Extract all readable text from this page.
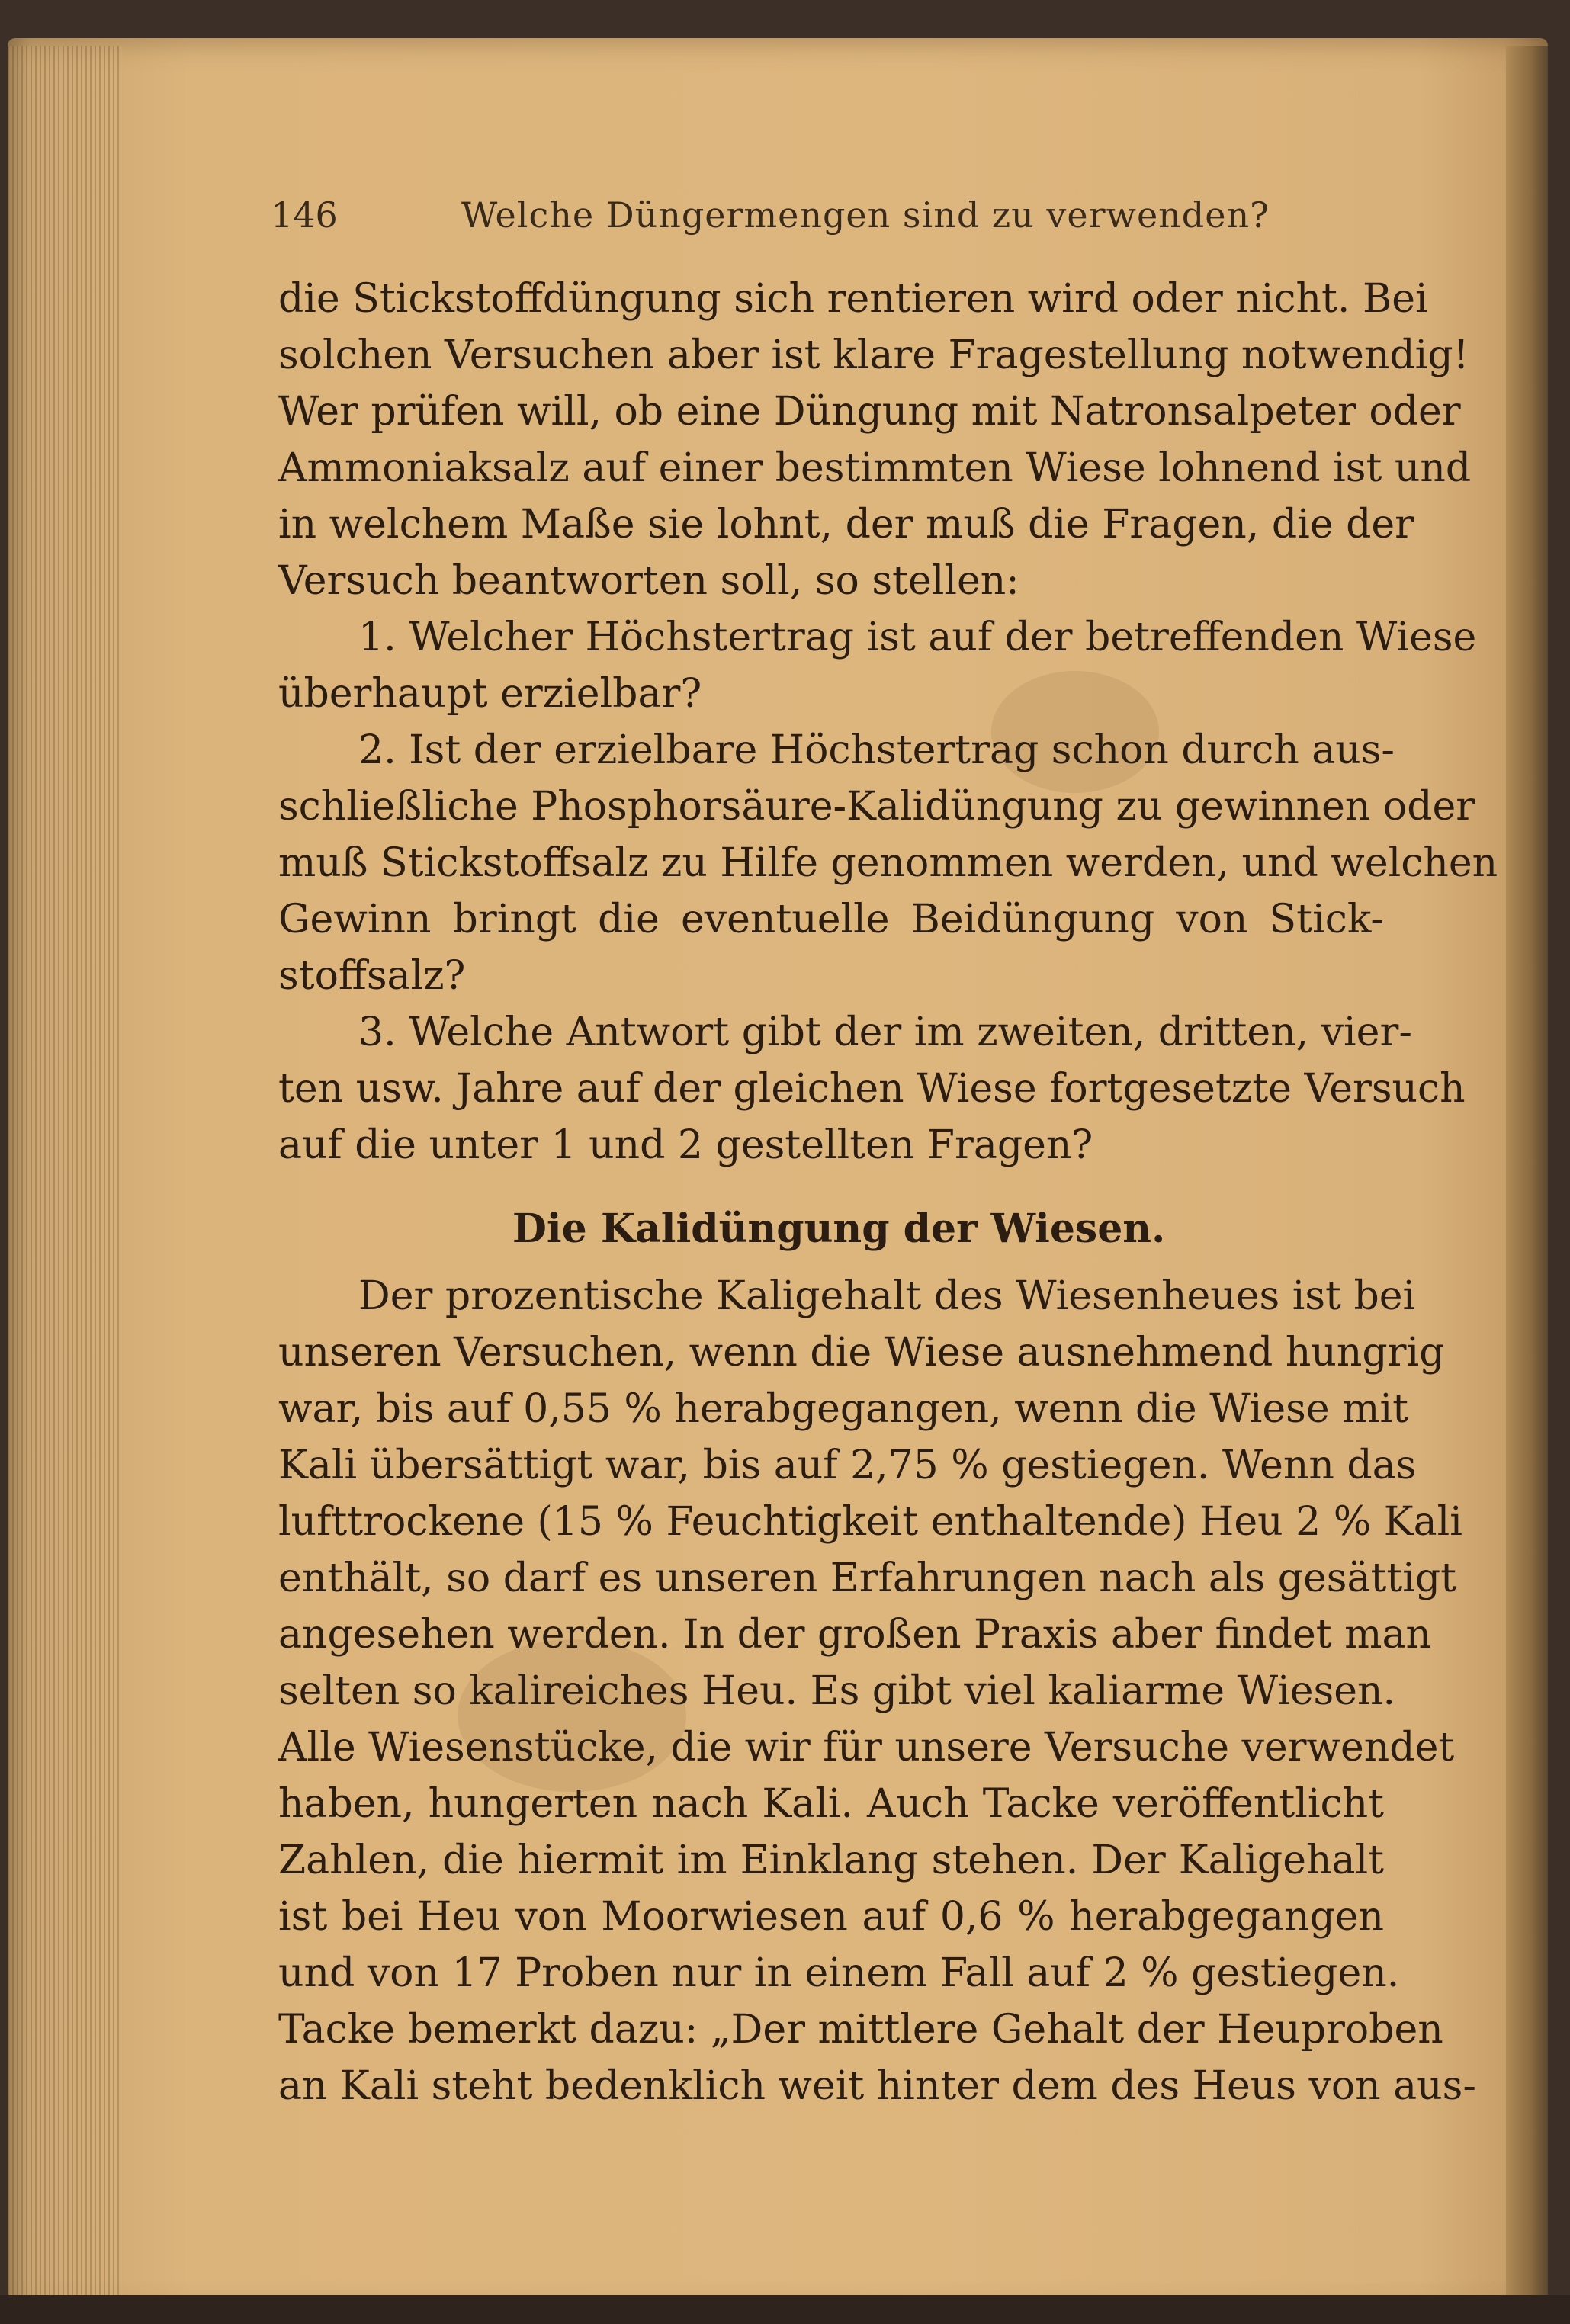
146	Welche Düngermengen sind zu verwenden?
die Stickstoffdüngung sich rentieren wird oder nicht. Bei
solchen Versuchen aber ist klare Fragestellung notwendig!
Wer prüfen will, ob eine Düngung mit Natronsalpeter oder
Ammoniaksalz auf einer bestimmten Wiese lohnend ist und
in welchem Maße sie lohnt, der muß die Fragen, die der
Versuch beantworten soll, so stellen:
1. Welcher Höchstertrag ist auf der betreffenden Wiese
überhaupt erzielbar?
2. Ist der erzielbare Höchstertrag schon durch aus-
schließliche Phosphorsäure-Kalidüngung zu gewinnen oder
muß Stickstoffsalz zu Hilfe genommen werden, und welchen
Gewinn bringt die eventuelle Beidüngung von Stick-
stoffsalz?
3. Welche Antwort gibt der im zweiten, dritten, vier-
ten usw. Jahre auf der gleichen Wiese fortgesetzte Versuch
auf die unter 1 und 2 gestellten Fragen?
Die Kalidüngung der Wiesen.
Der prozentische Kaligehalt des Wiesenheues ist bei
unseren Versuchen, wenn die Wiese ausnehmend hungrig
war, bis auf 0,55 % herabgegangen, wenn die Wiese mit
Kali übersättigt war, bis auf 2,75 % gestiegen. Wenn das
lufttrockene (15 % Feuchtigkeit enthaltende) Heu 2 % Kali
enthält, so darf es unseren Erfahrungen nach als gesättigt
angesehen werden. In der großen Praxis aber findet man
selten so kalireiches Heu. Es gibt viel kaliarme Wiesen.
Alle Wiesenstücke, die wir für unsere Versuche verwendet
haben, hungerten nach Kali. Auch Tacke veröffentlicht
Zahlen, die hiermit im Einklang stehen. Der Kaligehalt
ist bei Heu von Moorwiesen auf 0,6 % herabgegangen
und von 17 Proben nur in einem Fall auf 2 % gestiegen.
Tacke bemerkt dazu: „Der mittlere Gehalt der Heuproben
an Kali steht bedenklich weit hinter dem des Heus von aus-
